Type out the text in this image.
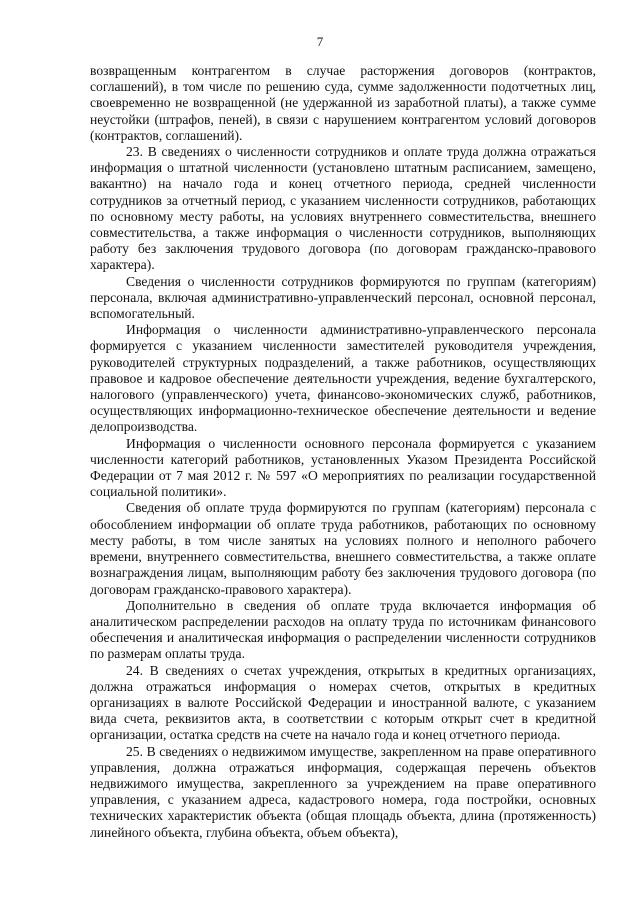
7

возвращенным контрагентом в случае расторжения договоров (контрактов, соглашений), в том числе по решению суда, сумме задолженности подотчетных лиц, своевременно не возвращенной (не удержанной из заработной платы), а также сумме неустойки (штрафов, пеней), в связи с нарушением контрагентом условий договоров (контрактов, соглашений).

23. В сведениях о численности сотрудников и оплате труда должна отражаться информация о штатной численности (установлено штатным расписанием, замещено, вакантно) на начало года и конец отчетного периода, средней численности сотрудников за отчетный период, с указанием численности сотрудников, работающих по основному месту работы, на условиях внутреннего совместительства, внешнего совместительства, а также информация о численности сотрудников, выполняющих работу без заключения трудового договора (по договорам гражданско-правового характера).

Сведения о численности сотрудников формируются по группам (категориям) персонала, включая административно-управленческий персонал, основной персонал, вспомогательный.

Информация о численности административно-управленческого персонала формируется с указанием численности заместителей руководителя учреждения, руководителей структурных подразделений, а также работников, осуществляющих правовое и кадровое обеспечение деятельности учреждения, ведение бухгалтерского, налогового (управленческого) учета, финансово-экономических служб, работников, осуществляющих информационно-техническое обеспечение деятельности и ведение делопроизводства.

Информация о численности основного персонала формируется с указанием численности категорий работников, установленных Указом Президента Российской Федерации от 7 мая 2012 г. № 597 «О мероприятиях по реализации государственной социальной политики».

Сведения об оплате труда формируются по группам (категориям) персонала с обособлением информации об оплате труда работников, работающих по основному месту работы, в том числе занятых на условиях полного и неполного рабочего времени, внутреннего совместительства, внешнего совместительства, а также оплате вознаграждения лицам, выполняющим работу без заключения трудового договора (по договорам гражданско-правового характера).

Дополнительно в сведения об оплате труда включается информация об аналитическом распределении расходов на оплату труда по источникам финансового обеспечения и аналитическая информация о распределении численности сотрудников по размерам оплаты труда.

24. В сведениях о счетах учреждения, открытых в кредитных организациях, должна отражаться информация о номерах счетов, открытых в кредитных организациях в валюте Российской Федерации и иностранной валюте, с указанием вида счета, реквизитов акта, в соответствии с которым открыт счет в кредитной организации, остатка средств на счете на начало года и конец отчетного периода.

25. В сведениях о недвижимом имуществе, закрепленном на праве оперативного управления, должна отражаться информация, содержащая перечень объектов недвижимого имущества, закрепленного за учреждением на праве оперативного управления, с указанием адреса, кадастрового номера, года постройки, основных технических характеристик объекта (общая площадь объекта, длина (протяженность) линейного объекта, глубина объекта, объем объекта),
